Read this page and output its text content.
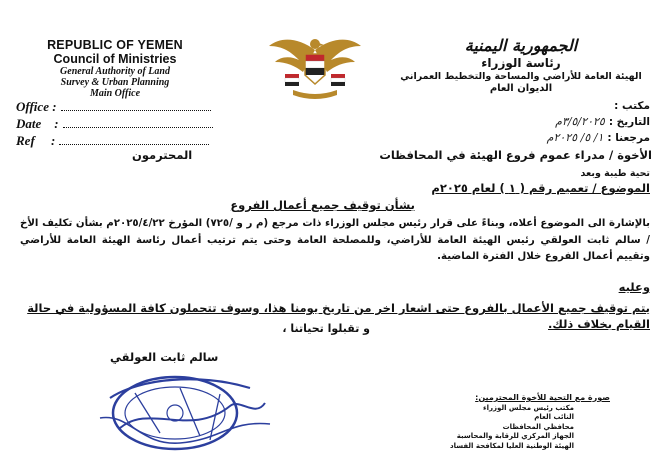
REPUBLIC OF YEMEN
Council of Ministries
General Authority of Land
Survey & Urban Planning
Main Office
الجمهورية اليمنية
رئاسة الوزراء
الهيئة العامة للأراضي والمساحة والتخطيط العمراني
الديوان العام
Office :
Date    :
Ref     :
مكتب :
التاريخ :٣/٥/٢٠٢٥م
مرجعنا :١/ ٥/ ٢٠٢٥م
الأخوة / مدراء عموم فروع الهيئة في المحافظات
المحترمون
تحية طيبة وبعد
الموضوع / تعميم رقم ( ١ ) لعام ٢٠٢٥م
بشأن توقيف جميع أعمال الفروع

بالإشارة الى الموضوع أعلاه، وبناءً على قرار رئيس مجلس الوزراء ذات مرجع (م ر و /٧٢٥) المؤرخ ٢٠٢٥/٤/٢٢م بشأن تكليف الأخ / سالم ثابت العولقي رئيس الهيئة العامة للأراضي، وللمصلحة العامة وحتى يتم ترتيب أعمال رئاسة الهيئة العامة للأراضي وتقييم أعمال الفروع خلال الفترة الماضية.

وعليه
يتم توقيف جميع الأعمال بالفروع حتى اشعار اخر من تاريخ يومنا هذا، وسوف تتحملون كافة المسؤولية في حالة القيام بخلاف ذلك.
و تقبلوا تحياتنا ،
سالم ثابت العولقي
صورة مع التحية للأخوة المحترمين:
مكتب رئيس مجلس الوزراء
النائب العام
محافظي المحافظات
الجهاز المركزي للرقابة والمحاسبة
الهيئة الوطنية العليا لمكافحة الفساد
